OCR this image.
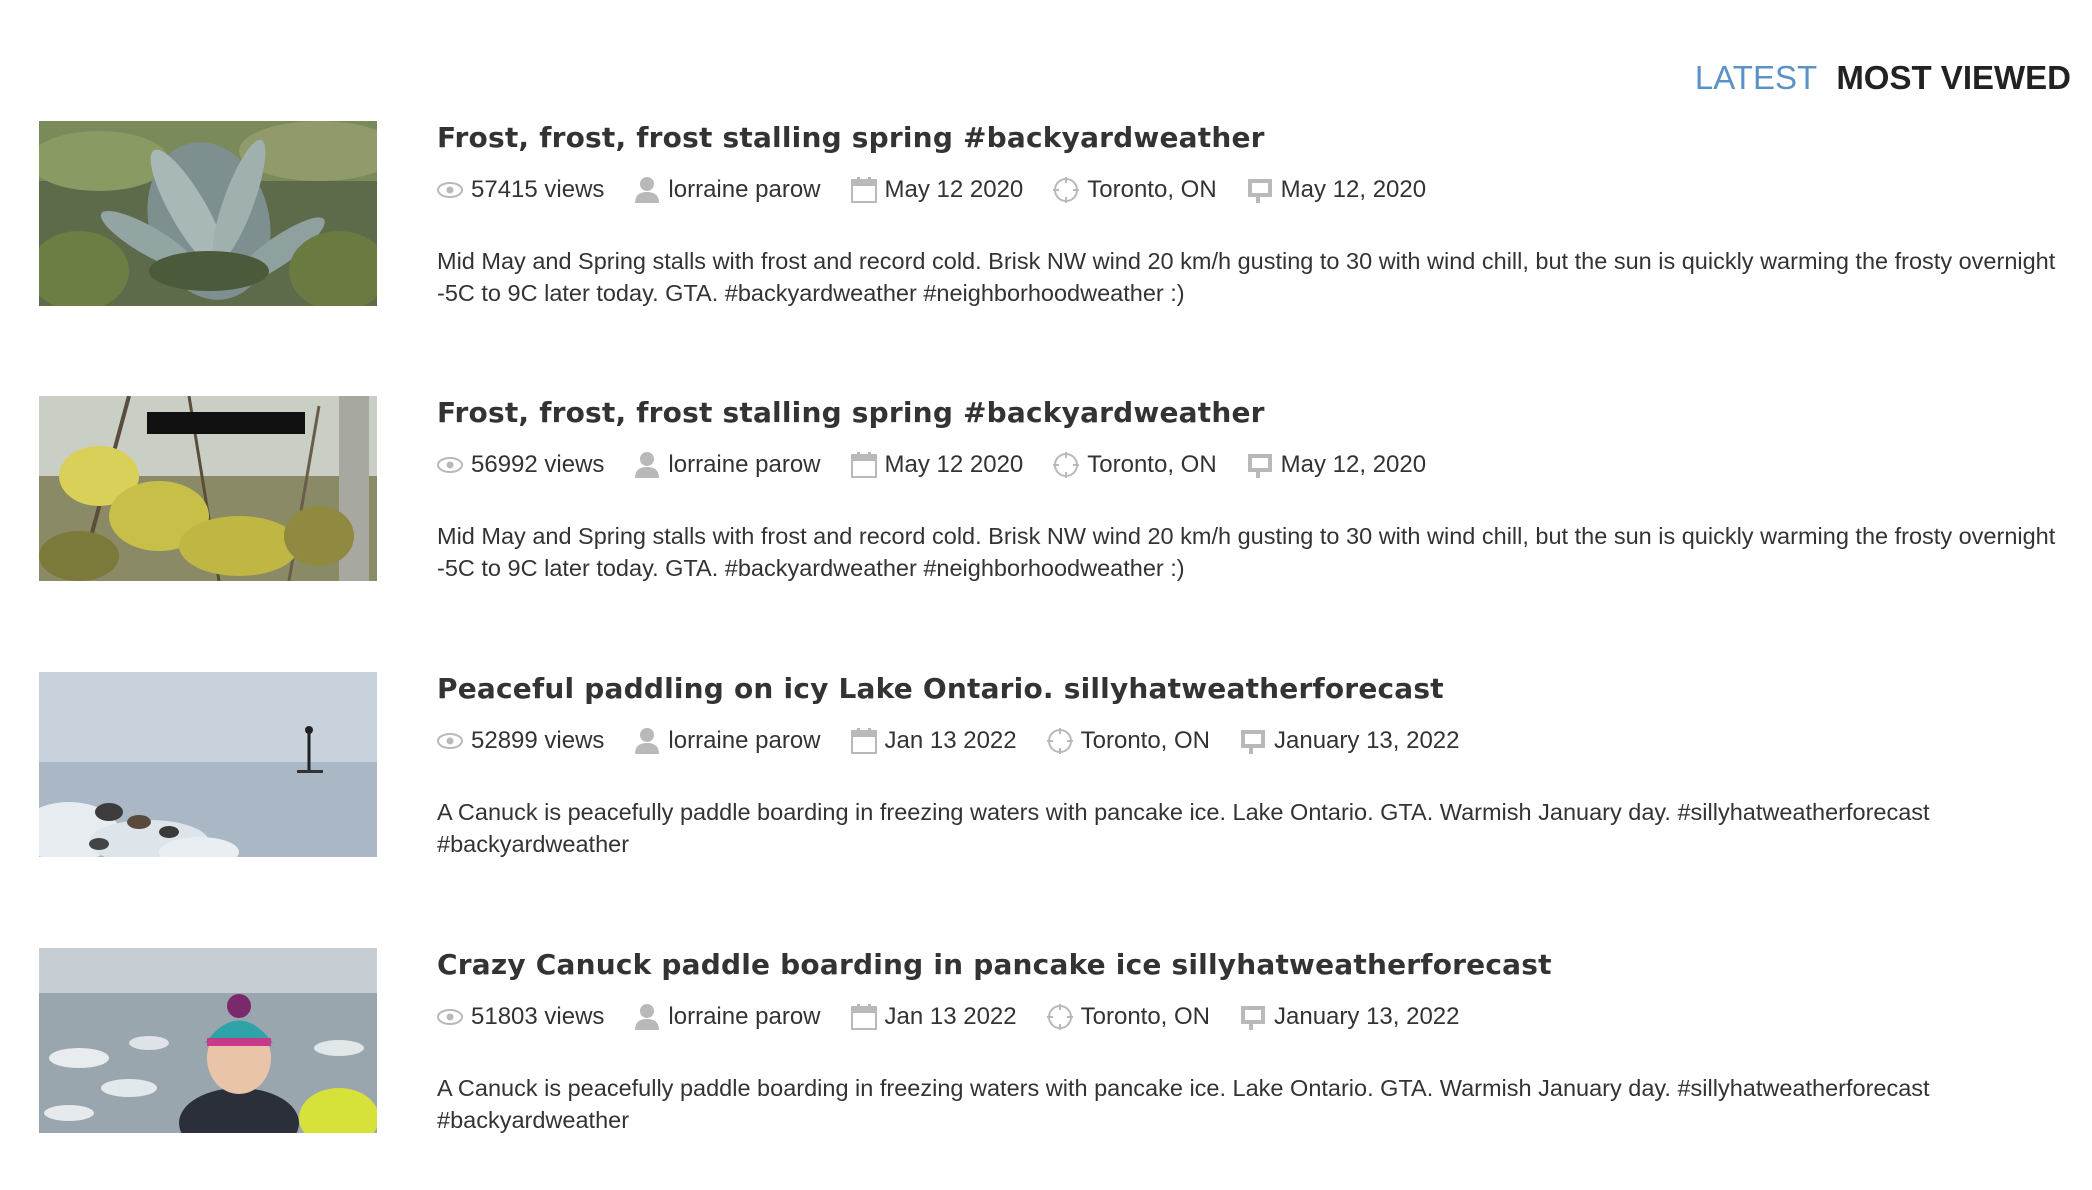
LATEST MOST VIEWED
Frost, frost, frost stalling spring #backyardweather
57415 views	lorraine parow	May 12 2020	Toronto, ON	May 12, 2020

Mid May and Spring stalls with frost and record cold. Brisk NW wind 20 km/h gusting to 30 with wind chill, but the sun is quickly warming the frosty overnight -5C to 9C later today. GTA. #backyardweather #neighborhoodweather :)

Frost, frost, frost stalling spring #backyardweather
56992 views	lorraine parow	May 12 2020	Toronto, ON	May 12, 2020

Mid May and Spring stalls with frost and record cold. Brisk NW wind 20 km/h gusting to 30 with wind chill, but the sun is quickly warming the frosty overnight -5C to 9C later today. GTA. #backyardweather #neighborhoodweather :)

Peaceful paddling on icy Lake Ontario. sillyhatweatherforecast
52899 views	lorraine parow	Jan 13 2022	Toronto, ON	January 13, 2022

A Canuck is peacefully paddle boarding in freezing waters with pancake ice. Lake Ontario. GTA. Warmish January day. #sillyhatweatherforecast #backyardweather

Crazy Canuck paddle boarding in pancake ice sillyhatweatherforecast
51803 views	lorraine parow	Jan 13 2022	Toronto, ON	January 13, 2022

A Canuck is peacefully paddle boarding in freezing waters with pancake ice. Lake Ontario. GTA. Warmish January day. #sillyhatweatherforecast #backyardweather
